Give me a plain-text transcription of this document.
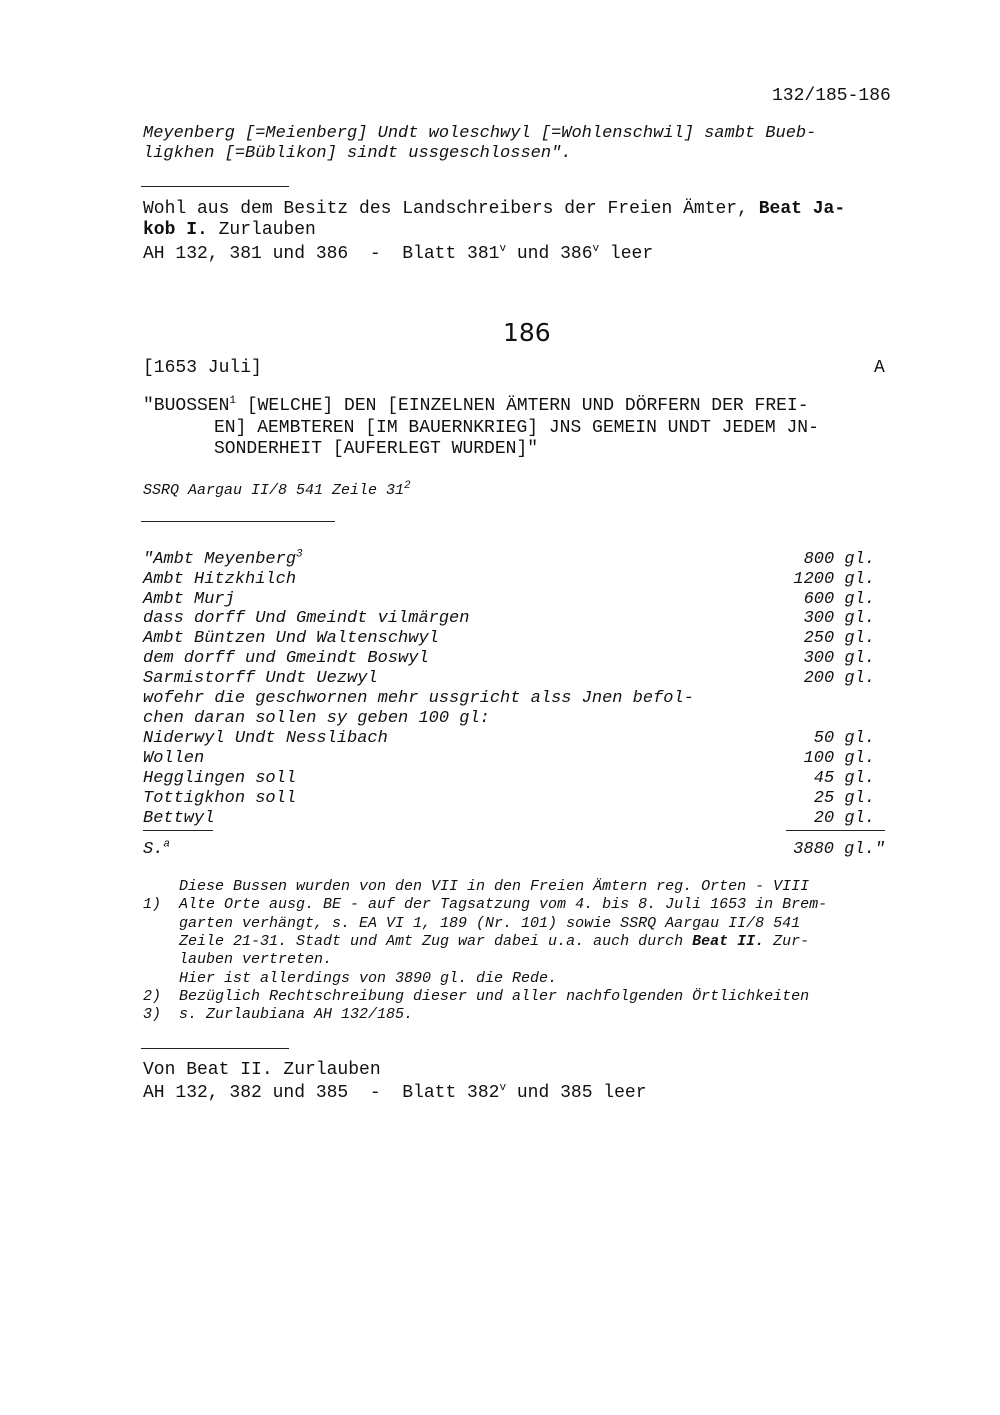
132/185-186
Meyenberg [=Meienberg] Undt woleschwyl [=Wohlenschwil] sambt Bueb-
ligkhen [=Büblikon] sindt ussgeschlossen".
Wohl aus dem Besitz des Landschreibers der Freien Ämter, Beat Ja-
kob I. Zurlauben
AH 132, 381 und 386  -  Blatt 381$^v$ und 386$^v$ leer
186
[1653 Juli]	A
"BUOSSEN$^1$ [WELCHE] DEN [EINZELNEN ÄMTERN UND DÖRFERN DER FREI-
EN] AEMBTEREN [IM BAUERNKRIEG] JNS GEMEIN UNDT JEDEM JN-
SONDERHEIT [AUFERLEGT WURDEN]"
SSRQ Aargau II/8 541 Zeile $31^2$
"Ambt Meyenberg$^3$	800 gl.
Ambt Hitzkhilch	1200 gl.
Ambt Murj	600 gl.
dass dorff Und Gmeindt vilmärgen	300 gl.
Ambt Büntzen Und Waltenschwyl	250 gl.
dem dorff und Gmeindt Boswyl	300 gl.
Sarmistorff Undt Uezwyl	200 gl.
wofehr die geschwornen mehr ussgricht alss Jnen befol-
chen daran sollen sy geben 100 gl:
Niderwyl Undt Nesslibach	50 gl.
Wollen	100 gl.
Hegglingen soll	45 gl.
Tottigkhon soll	25 gl.
Bettwyl	20 gl.
S.$^a$	3880 gl."

1)

Diese Bussen wurden von den VII in den Freien Ämtern reg. Orten - VIII

Alte Orte ausg. BE - auf der Tagsatzung vom 4. bis 8. Juli 1653 in Brem-

garten verhängt, s. EA VI 1, 189 (Nr. 101) sowie SSRQ Aargau II/8 541

Zeile 21-31. Stadt und Amt Zug war dabei u.a. auch durch Beat II. Zur-

lauben vertreten.

2)

Hier ist allerdings von 3890 gl. die Rede.

3)

Bezüglich Rechtschreibung dieser und aller nachfolgenden Örtlichkeiten

s. Zurlaubiana AH 132/185.

Von Beat II. Zurlauben
AH 132, 382 und 385  -  Blatt 382$^v$ und 385 leer
